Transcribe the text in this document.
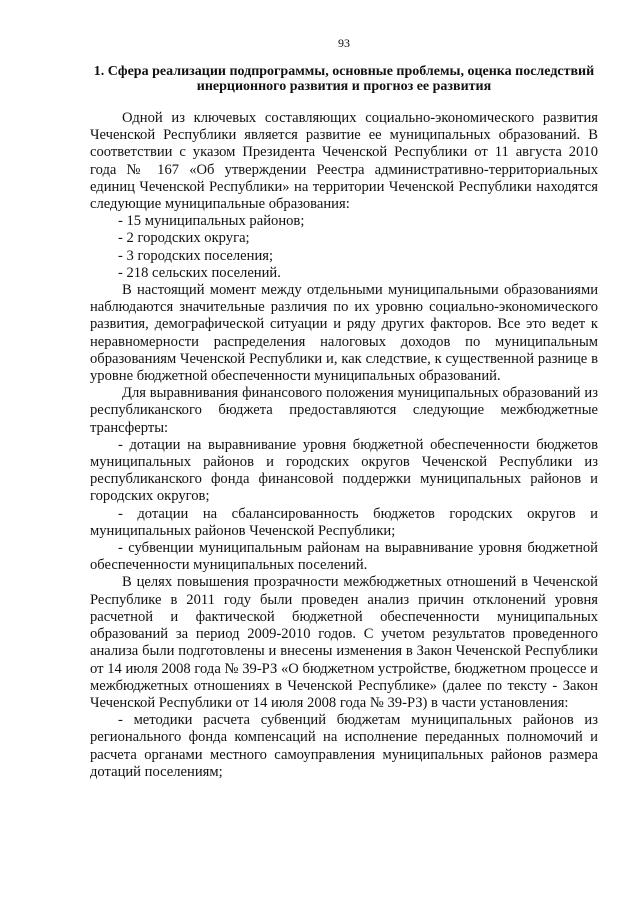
93
1. Сфера реализации подпрограммы, основные проблемы, оценка последствий инерционного развития и прогноз ее развития

Одной из ключевых составляющих социально-экономического развития Чеченской Республики является развитие ее муниципальных образований. В соответствии с указом Президента Чеченской Республики от 11 августа 2010 года № 167 «Об утверждении Реестра административно-территориальных единиц Чеченской Республики» на территории Чеченской Республики находятся следующие муниципальные образования:

- 15 муниципальных районов;

- 2 городских округа;

- 3 городских поселения;

- 218 сельских поселений.

В настоящий момент между отдельными муниципальными образованиями наблюдаются значительные различия по их уровню социально-экономического развития, демографической ситуации и ряду других факторов. Все это ведет к неравномерности распределения налоговых доходов по муниципальным образованиям Чеченской Республики и, как следствие, к существенной разнице в уровне бюджетной обеспеченности муниципальных образований.

Для выравнивания финансового положения муниципальных образований из республиканского бюджета предоставляются следующие межбюджетные трансферты:

- дотации на выравнивание уровня бюджетной обеспеченности бюджетов муниципальных районов и городских округов Чеченской Республики из республиканского фонда финансовой поддержки муниципальных районов и городских округов;

- дотации на сбалансированность бюджетов городских округов и муниципальных районов Чеченской Республики;

- субвенции муниципальным районам на выравнивание уровня бюджетной обеспеченности муниципальных поселений.

В целях повышения прозрачности межбюджетных отношений в Чеченской Республике в 2011 году были проведен анализ причин отклонений уровня расчетной и фактической бюджетной обеспеченности муниципальных образований за период 2009-2010 годов. С учетом результатов проведенного анализа были подготовлены и внесены изменения в Закон Чеченской Республики от 14 июля 2008 года № 39-РЗ «О бюджетном устройстве, бюджетном процессе и межбюджетных отношениях в Чеченской Республике» (далее по тексту - Закон Чеченской Республики от 14 июля 2008 года № 39-РЗ) в части установления:

- методики расчета субвенций бюджетам муниципальных районов из регионального фонда компенсаций на исполнение переданных полномочий и расчета органами местного самоуправления муниципальных районов размера дотаций поселениям;
